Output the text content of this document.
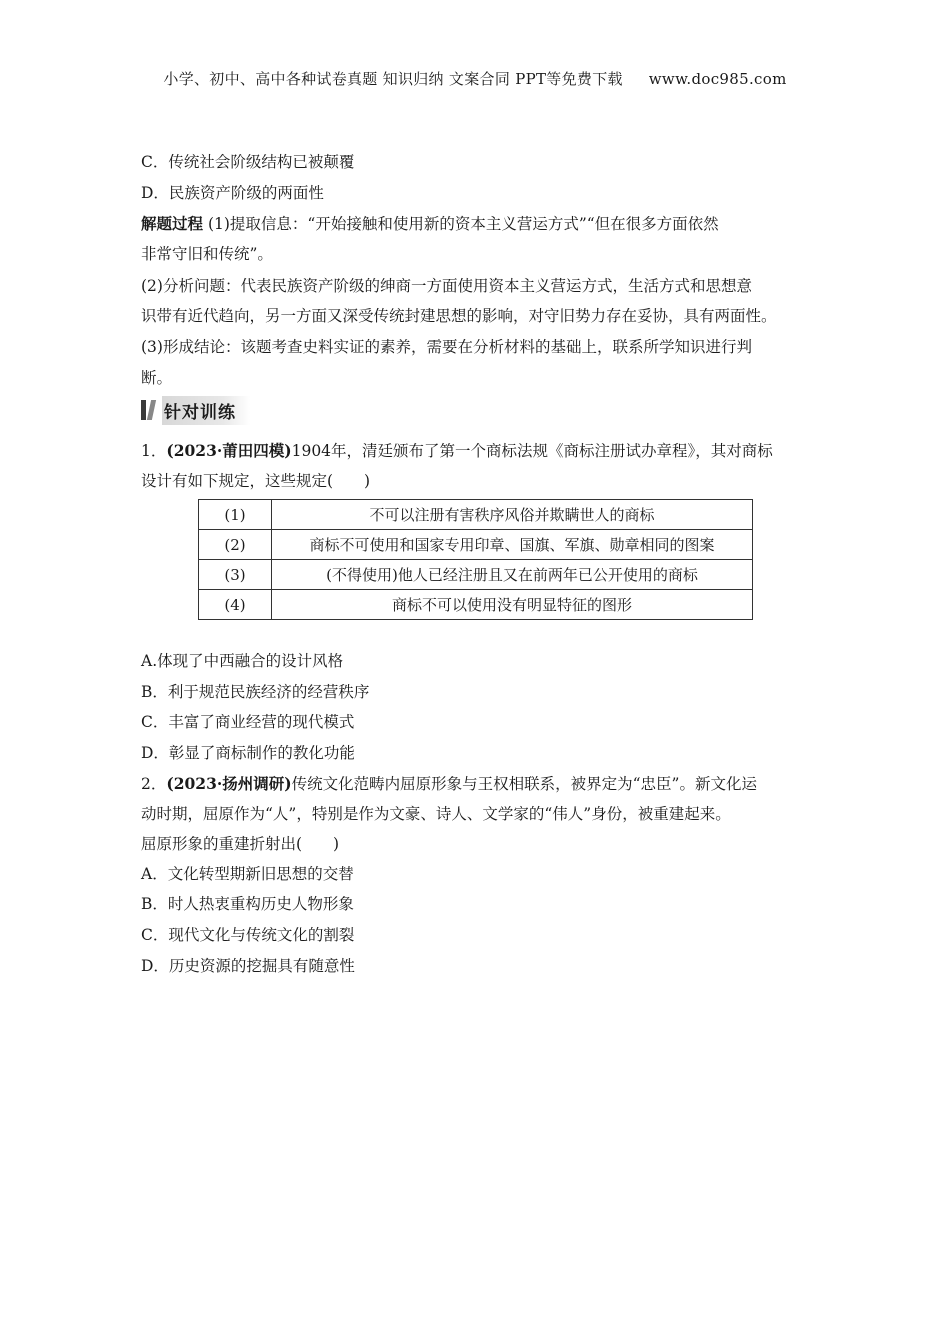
小学、初中、高中各种试卷真题 知识归纳 文案合同 PPT等免费下载 www.doc985.com
C．传统社会阶级结构已被颠覆
D．民族资产阶级的两面性
解题过程 (1)提取信息：“开始接触和使用新的资本主义营运方式”“但在很多方面依然
非常守旧和传统”。
(2)分析问题：代表民族资产阶级的绅商一方面使用资本主义营运方式，生活方式和思想意
识带有近代趋向，另一方面又深受传统封建思想的影响，对守旧势力存在妥协，具有两面性。
(3)形成结论：该题考查史料实证的素养，需要在分析材料的基础上，联系所学知识进行判
断。
针对训练
1．(2023·莆田四模)1904年，清廷颁布了第一个商标法规《商标注册试办章程》，其对商标
设计有如下规定，这些规定(　　)
(1)	不可以注册有害秩序风俗并欺瞒世人的商标
(2)	商标不可使用和国家专用印章、国旗、军旗、勋章相同的图案
(3)	(不得使用)他人已经注册且又在前两年已公开使用的商标
(4)	商标不可以使用没有明显特征的图形
A.体现了中西融合的设计风格
B．利于规范民族经济的经营秩序
C．丰富了商业经营的现代模式
D．彰显了商标制作的教化功能
2．(2023·扬州调研)传统文化范畴内屈原形象与王权相联系，被界定为“忠臣”。新文化运
动时期，屈原作为“人”，特别是作为文豪、诗人、文学家的“伟人”身份，被重建起来。
屈原形象的重建折射出(　　)
A．文化转型期新旧思想的交替
B．时人热衷重构历史人物形象
C．现代文化与传统文化的割裂
D．历史资源的挖掘具有随意性
